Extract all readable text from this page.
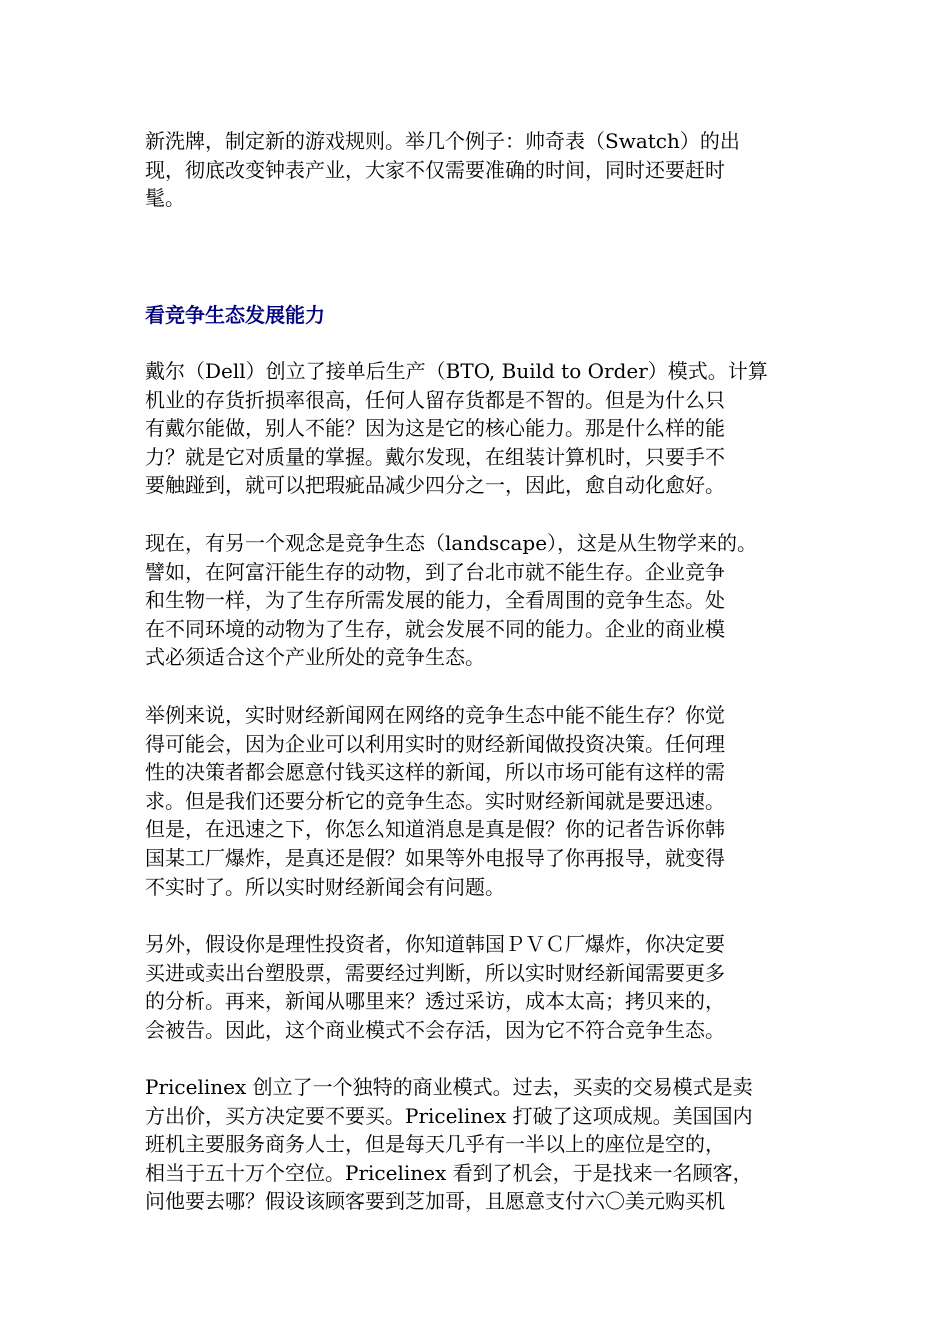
新洗牌，制定新的游戏规则。举几个例子：帅奇表（Swatch）的出
现，彻底改变钟表产业，大家不仅需要准确的时间，同时还要赶时
髦。

看竞争生态发展能力

戴尔（Dell）创立了接单后生产（BTO, Build to Order）模式。计算
机业的存货折损率很高，任何人留存货都是不智的。但是为什么只
有戴尔能做，别人不能？因为这是它的核心能力。那是什么样的能
力？就是它对质量的掌握。戴尔发现，在组装计算机时，只要手不
要触踫到，就可以把瑕疵品减少四分之一，因此，愈自动化愈好。

现在，有另一个观念是竞争生态（landscape），这是从生物学来的。
譬如，在阿富汗能生存的动物，到了台北市就不能生存。企业竞争
和生物一样，为了生存所需发展的能力，全看周围的竞争生态。处
在不同环境的动物为了生存，就会发展不同的能力。企业的商业模
式必须适合这个产业所处的竞争生态。

举例来说，实时财经新闻网在网络的竞争生态中能不能生存？你觉
得可能会，因为企业可以利用实时的财经新闻做投资决策。任何理
性的决策者都会愿意付钱买这样的新闻，所以市场可能有这样的需
求。但是我们还要分析它的竞争生态。实时财经新闻就是要迅速。
但是，在迅速之下，你怎么知道消息是真是假？你的记者告诉你韩
国某工厂爆炸，是真还是假？如果等外电报导了你再报导，就变得
不实时了。所以实时财经新闻会有问题。

另外，假设你是理性投资者，你知道韩国ＰＶＣ厂爆炸，你决定要
买进或卖出台塑股票，需要经过判断，所以实时财经新闻需要更多
的分析。再来，新闻从哪里来？透过采访，成本太高；拷贝来的，
会被告。因此，这个商业模式不会存活，因为它不符合竞争生态。

Pricelinex 创立了一个独特的商业模式。过去，买卖的交易模式是卖
方出价，买方决定要不要买。Pricelinex 打破了这项成规。美国国内
班机主要服务商务人士，但是每天几乎有一半以上的座位是空的，
相当于五十万个空位。Pricelinex 看到了机会，于是找来一名顾客，
问他要去哪？假设该顾客要到芝加哥，且愿意支付六〇美元购买机
